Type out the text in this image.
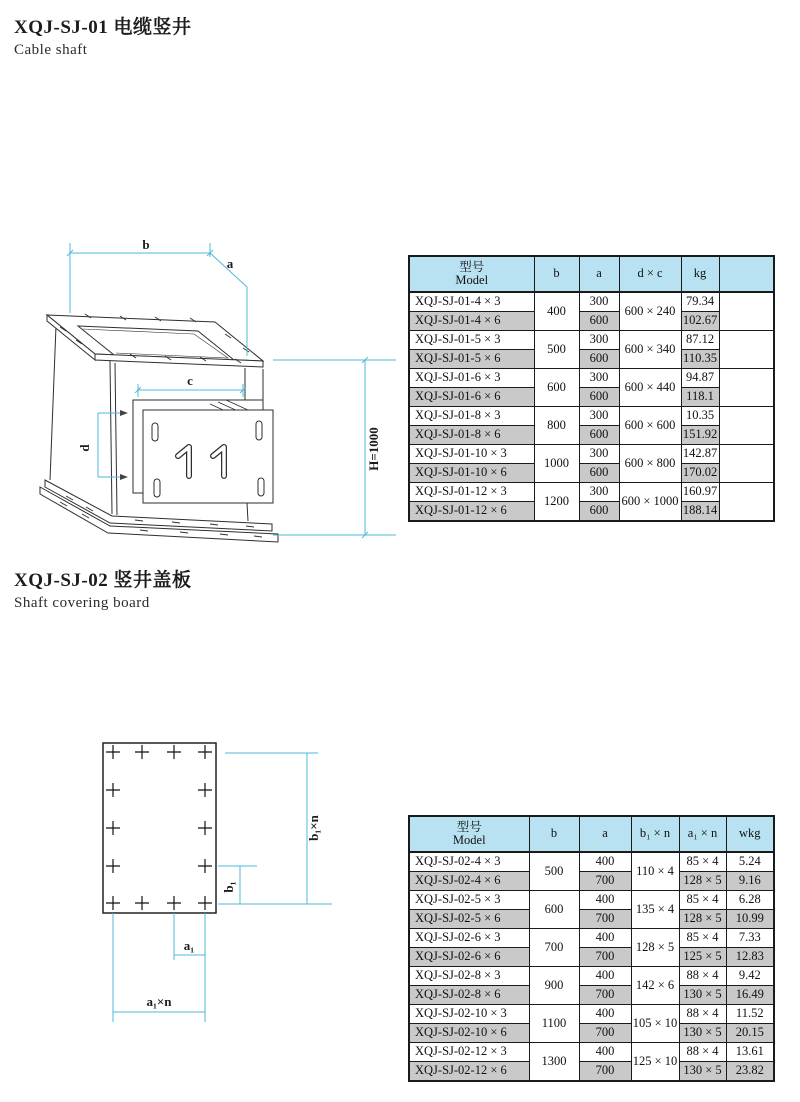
XQJ-SJ-01 电缆竖井
Cable shaft
b
a
c
d	H=1000
型号
Model	b	a	d × c	kg	
XQJ-SJ-01-4 × 3	400	300	600 × 240	79.34	
XQJ-SJ-01-4 × 6		600		102.67	
XQJ-SJ-01-5 × 3	500	300	600 × 340	87.12	
XQJ-SJ-01-5 × 6		600		110.35	
XQJ-SJ-01-6 × 3	600	300	600 × 440	94.87	
XQJ-SJ-01-6 × 6		600		118.1	
XQJ-SJ-01-8 × 3	800	300	600 × 600	10.35	
XQJ-SJ-01-8 × 6		600		151.92	
XQJ-SJ-01-10 × 3	1000	300	600 × 800	142.87	
XQJ-SJ-01-10 × 6		600		170.02	
XQJ-SJ-01-12 × 3	1200	300	600 × 1000	160.97	
XQJ-SJ-01-12 × 6		600		188.14	
XQJ-SJ-02 竖井盖板
Shaft covering board
b₁×n
b₁
a₁
a₁×n
型号
Model	b	a	b₁ × n	a₁ × n	wkg
XQJ-SJ-02-4 × 3	500	400	110 × 4	85 × 4	5.24
XQJ-SJ-02-4 × 6		700		128 × 5	9.16
XQJ-SJ-02-5 × 3	600	400	135 × 4	85 × 4	6.28
XQJ-SJ-02-5 × 6		700		128 × 5	10.99
XQJ-SJ-02-6 × 3	700	400	128 × 5	85 × 4	7.33
XQJ-SJ-02-6 × 6		700		125 × 5	12.83
XQJ-SJ-02-8 × 3	900	400	142 × 6	88 × 4	9.42
XQJ-SJ-02-8 × 6		700		130 × 5	16.49
XQJ-SJ-02-10 × 3	1100	400	105 × 10	88 × 4	11.52
XQJ-SJ-02-10 × 6		700		130 × 5	20.15
XQJ-SJ-02-12 × 3	1300	400	125 × 10	88 × 4	13.61
XQJ-SJ-02-12 × 6		700		130 × 5	23.82
